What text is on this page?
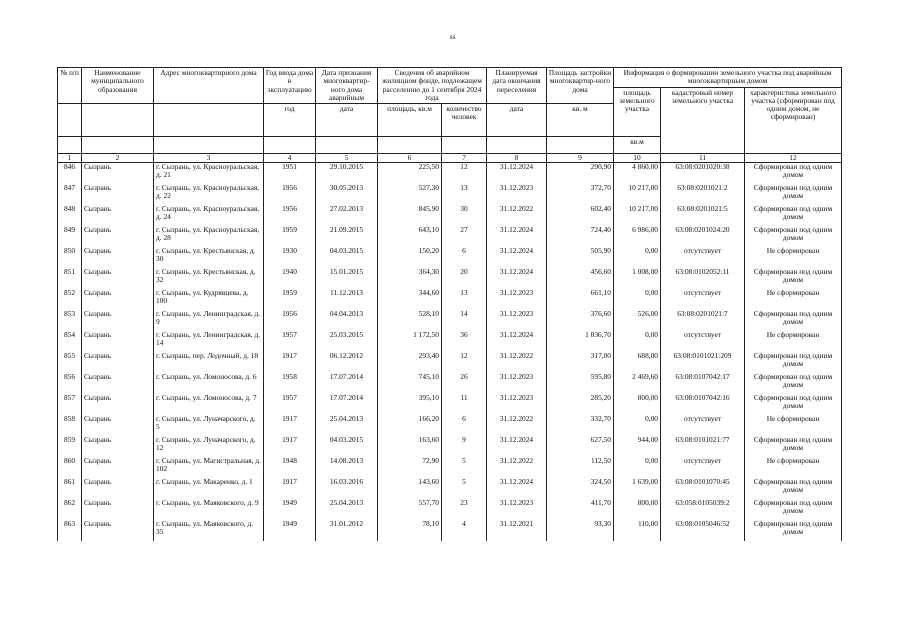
ss
№ п/п	Наименование муниципального образования	Адрес многоквартирного дома	Год ввода дома в эксплуатацию	Дата признания многоквартир-ного дома аварийным	Сведения об аварийном жилищном фонде, подлежащем расселению до 1 сентября 2024 года		Планируемая дата окончания переселения	Площадь застройки многоквартир-ного дома	Информация о формировании земельного участка под аварийным многоквартирным домом		
									площадь земельного участка	кадастровый номер земельного участка	характеристика земельного участка (сформирован под одним домом, не сформирован)
			год	дата	площадь, кв.м	количество человек	дата	кв. м			
									кв.м		
1	2	3	4	5	6	7	8	9	10	11	12
846	Сызрань	г. Сызрань, ул. Красноуральская, д. 21	1951	29.10.2015	225,50	12	31.12.2024	290,90	4 860,00	63:08:0201020:38	Сформирован под одним домом
847	Сызрань	г. Сызрань, ул. Красноуральская, д. 22	1956	30.05.2013	527,30	13	31.12.2023	372,70	10 217,00	63:08:0201021:2	Сформирован под одним домом
848	Сызрань	г. Сызрань, ул. Красноуральская, д. 24	1956	27.02.2013	845,90	30	31.12.2022	602,40	10 217,00	63:08:0201021:5	Сформирован под одним домом
849	Сызрань	г. Сызрань, ул. Красноуральская, д. 28	1959	21.09.2015	643,10	27	31.12.2024	724,40	6 986,00	63:08:0201024:20	Сформирован под одним домом
850	Сызрань	г. Сызрань, ул. Крестьянская, д. 30	1930	04.03.2015	150,20	6	31.12.2024	505,90	0,00	отсутствует	Не сформирован
851	Сызрань	г. Сызрань, ул. Крестьянская, д. 32	1940	15.01.2015	364,30	20	31.12.2024	456,60	1 008,00	63:08:0102052:11	Сформирован под одним домом
852	Сызрань	г. Сызрань, ул. Кудрявцева, д. 100	1959	11.12.2013	344,60	13	31.12.2023	661,10	0,00	отсутствует	Не сформирован
853	Сызрань	г. Сызрань, ул. Ленинградская, д. 9	1956	04.04.2013	528,10	14	31.12.2023	376,60	526,00	63:08:0201021:7	Сформирован под одним домом
854	Сызрань	г. Сызрань, ул. Ленинградская, д. 14	1957	25.03.2015	1 172,50	36	31.12.2024	1 036,70	0,00	отсутствует	Не сформирован
855	Сызрань	г. Сызрань, пер. Лодочный, д. 18	1917	06.12.2012	293,40	12	31.12.2022	317,00	688,00	63:08:0101021:209	Сформирован под одним домом
856	Сызрань	г. Сызрань, ул. Ломоносова, д. 6	1958	17.07.2014	745,10	26	31.12.2023	595,80	2 469,60	63:08:0107042:17	Сформирован под одним домом
857	Сызрань	г. Сызрань, ул. Ломоносова, д. 7	1957	17.07.2014	395,10	11	31.12.2023	285,20	800,00	63:08:0107042:16	Сформирован под одним домом
858	Сызрань	г. Сызрань, ул. Луначарского, д. 5	1917	25.04.2013	166,20	6	31.12.2022	332,70	0,00	отсутствует	Не сформирован
859	Сызрань	г. Сызрань, ул. Луначарского, д. 12	1917	04.03.2015	163,60	9	31.12.2024	627,50	944,00	63:08:0101021:77	Сформирован под одним домом
860	Сызрань	г. Сызрань, ул. Магистральная, д. 102	1948	14.08.2013	72,90	5	31.12.2022	112,50	0,00	отсутствует	Не сформирован
861	Сызрань	г. Сызрань, ул. Макаренко, д. 1	1917	16.03.2016	143,60	5	31.12.2024	324,50	1 639,00	63:08:0101070:45	Сформирован под одним домом
862	Сызрань	г. Сызрань, ул. Маяковского, д. 9	1949	25.04.2013	557,70	23	31.12.2023	411,70	800,00	63:058:0105039:2	Сформирован под одним домом
863	Сызрань	г. Сызрань, ул. Маяковского, д. 35	1949	31.01.2012	78,10	4	31.12.2021	93,30	110,00	63:08:0105046:52	Сформирован под одним домом
